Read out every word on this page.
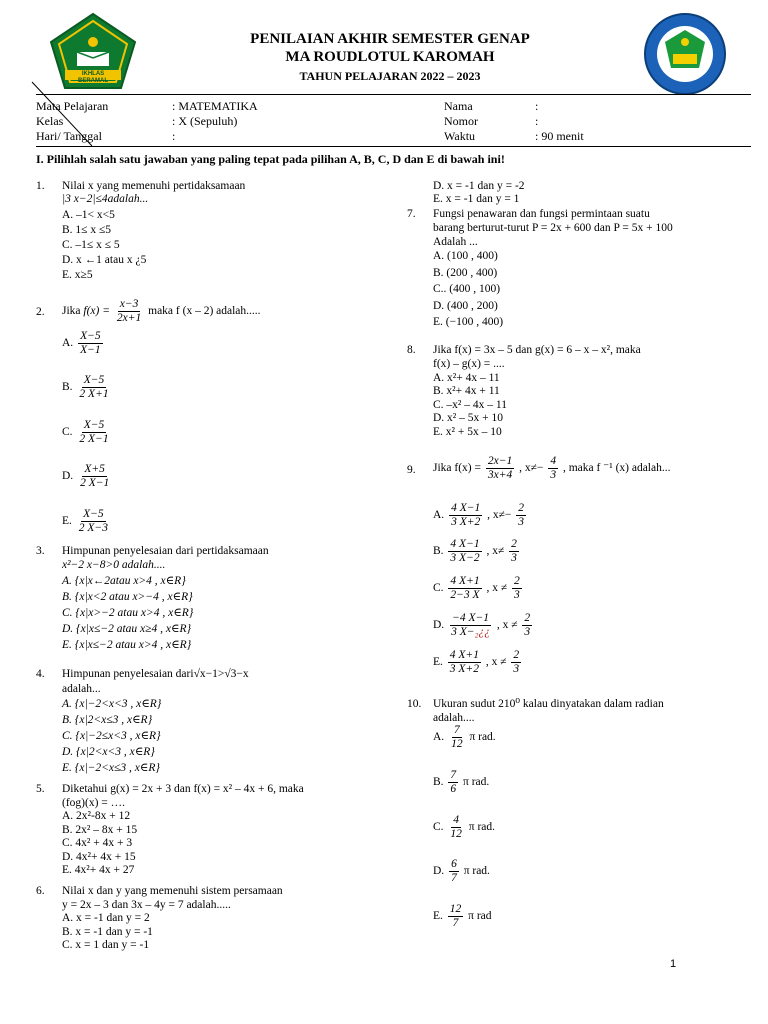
IKHLAS BERAMAL
PENILAIAN AKHIR SEMESTER GENAP
MA ROUDLOTUL KAROMAH
TAHUN PELAJARAN 2022 – 2023
Mata Pelajaran	: MATEMATIKA
Kelas	: X (Sepuluh)
Hari/ Tanggal	:
Nama	:
Nomor	:
Waktu	: 90 menit
I. Pilihlah salah satu jawaban yang paling tepat pada pilihan A, B, C, D dan E di bawah ini!
1.	Nilai x yang memenuhi pertidaksamaan
|3 x−2|≤4adalah...
A. –1< x<5
B. 1≤ x ≤5
C. –1≤ x ≤ 5
D. x ←1 atau x ¿5
E. x≥5
2.	Jika $f(x) = \frac{x-3}{2x+1}$ maka f (x – 2) adalah.....
A. $\frac{X-5}{X-1}$
B. $\frac{X-5}{2 X+1}$
C. $\frac{X-5}{2 X-1}$
D. $\frac{X+5}{2 X-1}$
E. $\frac{X-5}{2 X-3}$
3.	Himpunan penyelesaian dari pertidaksamaan
x²−2 x−8>0 adalah....
A. {x|x←2atau x>4 , x∈R}
B. {x|x<2 atau x>−4 , x∈R}
C. {x|x>−2 atau x>4 , x∈R}
D. {x|x≤−2 atau x≥4 , x∈R}
E. {x|x≤−2 atau x>4 , x∈R}
4.	Himpunan penyelesaian dari√x−1>√3−x
adalah...
A. {x|−2<x<3 , x∈R}
B. {x|2<x≤3 , x∈R}
C. {x|−2≤x<3 , x∈R}
D. {x|2<x<3 , x∈R}
E. {x|−2<x≤3 , x∈R}
5.	Diketahui g(x) = 2x + 3 dan f(x) = x² – 4x + 6, maka
(fog)(x) = ….
A. 2x²-8x + 12
B. 2x² – 8x + 15
C. 4x² + 4x + 3
D. 4x²+ 4x + 15
E. 4x²+ 4x + 27
6.	Nilai x dan y yang memenuhi sistem persamaan
y = 2x – 3 dan 3x – 4y = 7 adalah.....
A. x = -1 dan y = 2
B. x = -1 dan y = -1
C. x = 1 dan y = -1
D. x = -1 dan y = -2
E. x = -1 dan y = 1
7.	Fungsi penawaran dan fungsi permintaan suatu
barang berturut-turut P = 2x + 600 dan P = 5x + 100
Adalah ...
A. (100 , 400)
B. (200 , 400)
C.. (400 , 100)
D. (400 , 200)
E. (−100 , 400)
8.	Jika f(x) = 3x – 5 dan g(x) = 6 – x – x², maka
f(x) – g(x) = ....
A. x²+ 4x – 11
B. x²+ 4x + 11
C. –x² – 4x – 11
D. x² – 5x + 10
E. x² + 5x – 10
9.	Jika $f(x) = \frac{2x-1}{3x+4}$ , $x\ne- \frac{4}{3}$ , maka f ⁻¹ (x) adalah...
A. $\frac{4 X-1}{3 X+2}$ , $x\ne- \frac{2}{3}$
B. $\frac{4 X-1}{3 X-2}$ , $x\ne \frac{2}{3}$
C. $\frac{4 X+1}{2-3 X}$ , $x \ne \frac{2}{3}$
D. $\frac{-4 X-1}{\text{3 X−₂¿¿}}$ , $x \ne \frac{2}{3}$
E. $\frac{4 X+1}{3 X+2}$ , $x \ne \frac{2}{3}$
10.	Ukuran sudut 210⁰ kalau dinyatakan dalam radian
adalah....
A. $\frac{7}{12}$ π rad.
B. $\frac{7}{6}$ π rad.
C. $\frac{4}{12}$ π rad.
D. $\frac{6}{7}$ π rad.
E. $\frac{12}{7}$ π rad
1
